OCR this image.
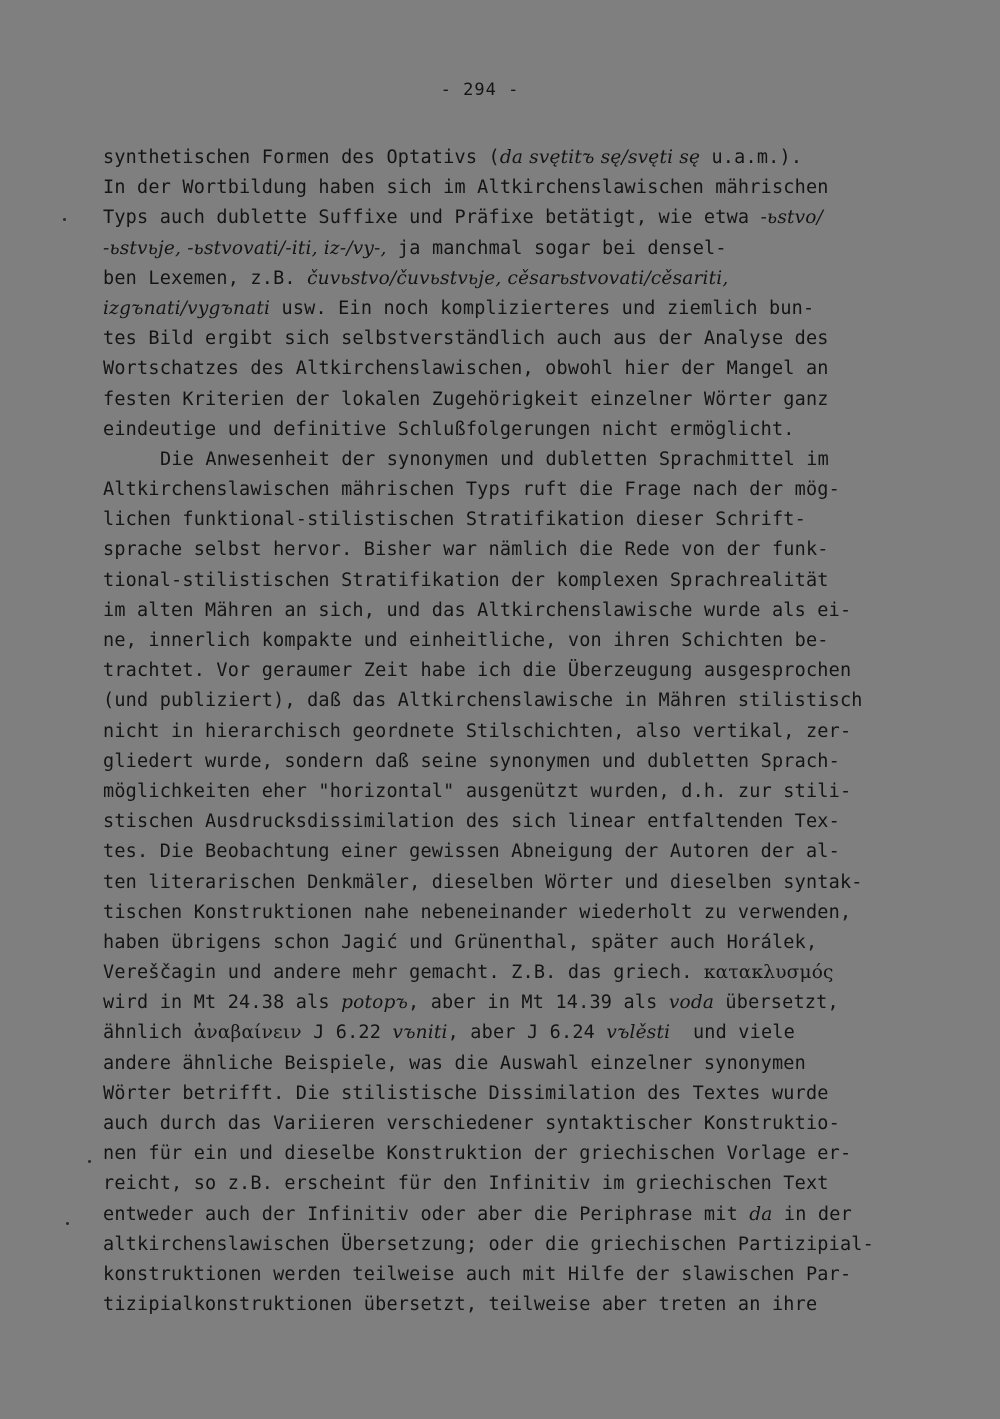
- 294 -
synthetischen Formen des Optativs (da svętitъ sę/svęti sę u.a.m.).
In der Wortbildung haben sich im Altkirchenslawischen mährischen
Typs auch dublette Suffixe und Präfixe betätigt, wie etwa -ьstvo/
-ьstvьje, -ьstvovati/-iti, iz-/vy-, ja manchmal sogar bei densel-
ben Lexemen, z.B. čuvьstvo/čuvьstvьje, cěsarьstvovati/cěsariti,
izgъnati/vygъnati usw. Ein noch komplizierteres und ziemlich bun-
tes Bild ergibt sich selbstverständlich auch aus der Analyse des
Wortschatzes des Altkirchenslawischen, obwohl hier der Mangel an
festen Kriterien der lokalen Zugehörigkeit einzelner Wörter ganz
eindeutige und definitive Schlußfolgerungen nicht ermöglicht.
Die Anwesenheit der synonymen und dubletten Sprachmittel im
Altkirchenslawischen mährischen Typs ruft die Frage nach der mög-
lichen funktional-stilistischen Stratifikation dieser Schrift-
sprache selbst hervor. Bisher war nämlich die Rede von der funk-
tional-stilistischen Stratifikation der komplexen Sprachrealität
im alten Mähren an sich, und das Altkirchenslawische wurde als ei-
ne, innerlich kompakte und einheitliche, von ihren Schichten be-
trachtet. Vor geraumer Zeit habe ich die Überzeugung ausgesprochen
(und publiziert), daß das Altkirchenslawische in Mähren stilistisch
nicht in hierarchisch geordnete Stilschichten, also vertikal, zer-
gliedert wurde, sondern daß seine synonymen und dubletten Sprach-
möglichkeiten eher "horizontal" ausgenützt wurden, d.h. zur stili-
stischen Ausdrucksdissimilation des sich linear entfaltenden Tex-
tes. Die Beobachtung einer gewissen Abneigung der Autoren der al-
ten literarischen Denkmäler, dieselben Wörter und dieselben syntak-
tischen Konstruktionen nahe nebeneinander wiederholt zu verwenden,
haben übrigens schon Jagić und Grünenthal, später auch Horálek,
Vereščagin und andere mehr gemacht. Z.B. das griech. κατακλυσμός
wird in Mt 24.38 als potopъ, aber in Mt 14.39 als voda übersetzt,
ähnlich ἀναβαίνειν J 6.22 vъniti, aber J 6.24 vъlěsti  und viele
andere ähnliche Beispiele, was die Auswahl einzelner synonymen
Wörter betrifft. Die stilistische Dissimilation des Textes wurde
auch durch das Variieren verschiedener syntaktischer Konstruktio-
nen für ein und dieselbe Konstruktion der griechischen Vorlage er-
reicht, so z.B. erscheint für den Infinitiv im griechischen Text
entweder auch der Infinitiv oder aber die Periphrase mit da in der
altkirchenslawischen Übersetzung; oder die griechischen Partizipial-
konstruktionen werden teilweise auch mit Hilfe der slawischen Par-
tizipialkonstruktionen übersetzt, teilweise aber treten an ihre
